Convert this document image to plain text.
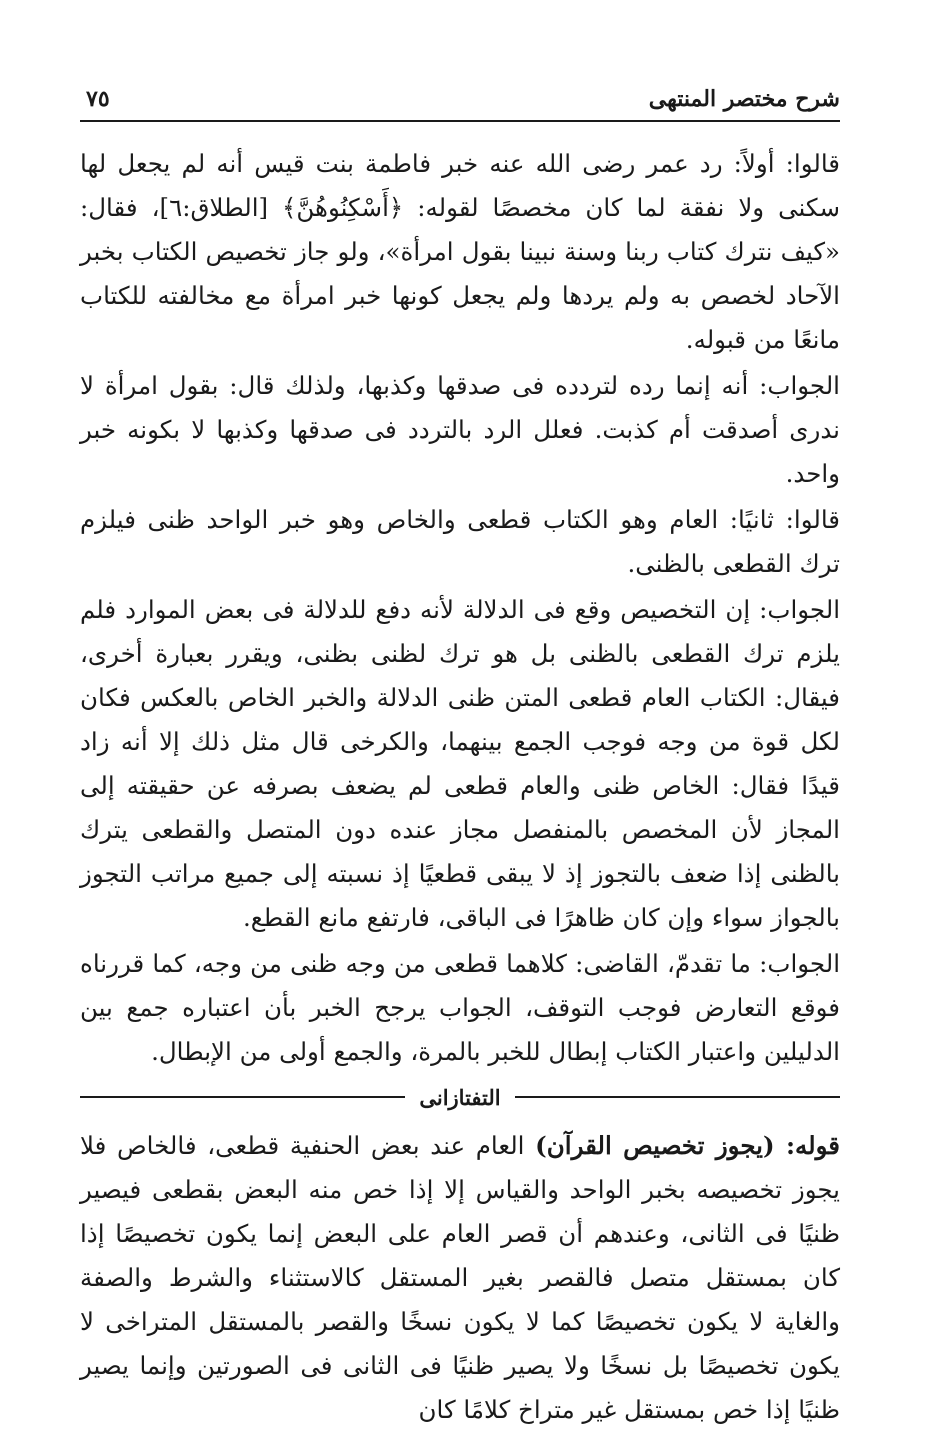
شرح مختصر المنتهى
٧٥

قالوا: أولاً: رد عمر رضى الله عنه خبر فاطمة بنت قيس أنه لم يجعل لها سكنى ولا نفقة لما كان مخصصًا لقوله: ﴿أَسْكِنُوهُنَّ﴾ [الطلاق:٦]، فقال: «كيف نترك كتاب ربنا وسنة نبينا بقول امرأة»، ولو جاز تخصيص الكتاب بخبر الآحاد لخصص به ولم يردها ولم يجعل كونها خبر امرأة مع مخالفته للكتاب مانعًا من قبوله.

الجواب: أنه إنما رده لتردده فى صدقها وكذبها، ولذلك قال: بقول امرأة لا ندرى أصدقت أم كذبت. فعلل الرد بالتردد فى صدقها وكذبها لا بكونه خبر واحد.

قالوا: ثانيًا: العام وهو الكتاب قطعى والخاص وهو خبر الواحد ظنى فيلزم ترك القطعى بالظنى.

الجواب: إن التخصيص وقع فى الدلالة لأنه دفع للدلالة فى بعض الموارد فلم يلزم ترك القطعى بالظنى بل هو ترك لظنى بظنى، ويقرر بعبارة أخرى، فيقال: الكتاب العام قطعى المتن ظنى الدلالة والخبر الخاص بالعكس فكان لكل قوة من وجه فوجب الجمع بينهما، والكرخى قال مثل ذلك إلا أنه زاد قيدًا فقال: الخاص ظنى والعام قطعى لم يضعف بصرفه عن حقيقته إلى المجاز لأن المخصص بالمنفصل مجاز عنده دون المتصل والقطعى يترك بالظنى إذا ضعف بالتجوز إذ لا يبقى قطعيًا إذ نسبته إلى جميع مراتب التجوز بالجواز سواء وإن كان ظاهرًا فى الباقى، فارتفع مانع القطع.

الجواب: ما تقدمّ، القاضى: كلاهما قطعى من وجه ظنى من وجه، كما قررناه فوقع التعارض فوجب التوقف، الجواب يرجح الخبر بأن اعتباره جمع بين الدليلين واعتبار الكتاب إبطال للخبر بالمرة، والجمع أولى من الإبطال.

التفتازانى

قوله: (يجوز تخصيص القرآن) العام عند بعض الحنفية قطعى، فالخاص فلا يجوز تخصيصه بخبر الواحد والقياس إلا إذا خص منه البعض بقطعى فيصير ظنيًا فى الثانى، وعندهم أن قصر العام على البعض إنما يكون تخصيصًا إذا كان بمستقل متصل فالقصر بغير المستقل كالاستثناء والشرط والصفة والغاية لا يكون تخصيصًا كما لا يكون نسخًا والقصر بالمستقل المتراخى لا يكون تخصيصًا بل نسخًا ولا يصير ظنيًا فى الثانى فى الصورتين وإنما يصير ظنيًا إذا خص بمستقل غير متراخ كلامًا كان
